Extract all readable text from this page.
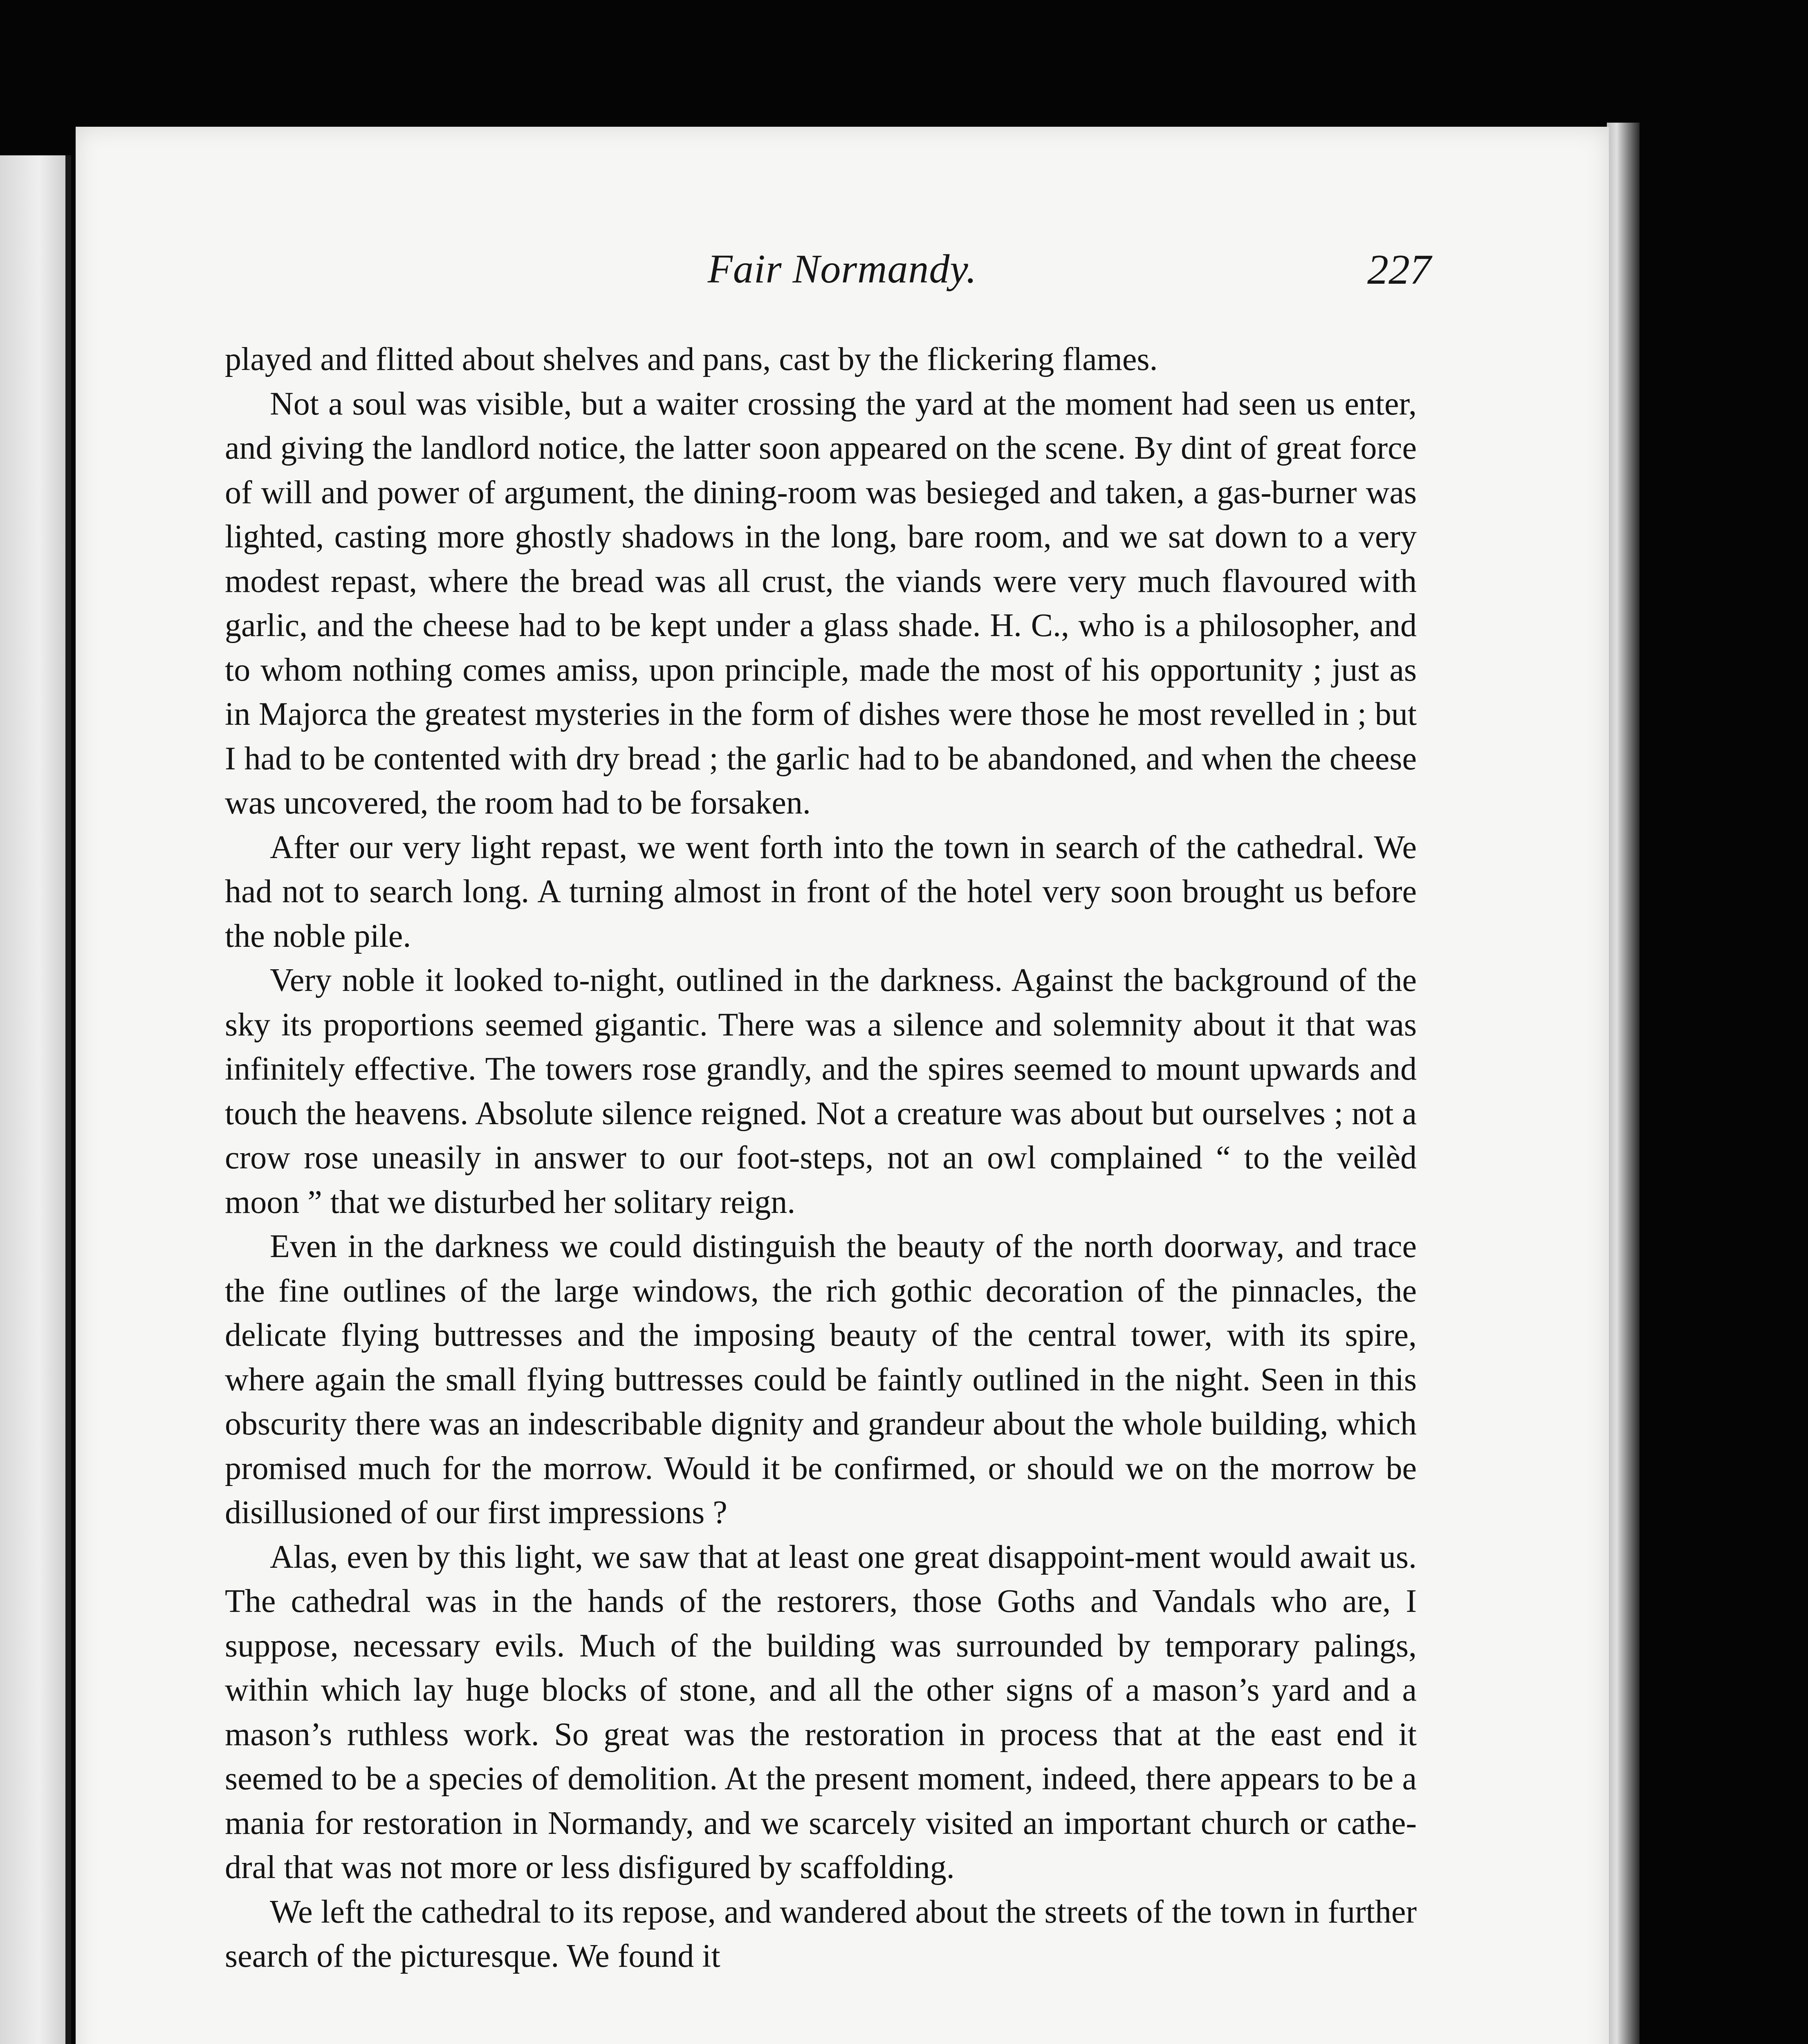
Fair Normandy.	227

played and flitted about shelves and pans, cast by the flickering flames.

Not a soul was visible, but a waiter crossing the yard at the moment had seen us enter, and giving the landlord notice, the latter soon appeared on the scene. By dint of great force of will and power of argument, the dining-room was besieged and taken, a gas-burner was lighted, casting more ghostly shadows in the long, bare room, and we sat down to a very modest repast, where the bread was all crust, the viands were very much flavoured with garlic, and the cheese had to be kept under a glass shade. H. C., who is a philosopher, and to whom nothing comes amiss, upon principle, made the most of his opportunity ; just as in Majorca the greatest mysteries in the form of dishes were those he most revelled in ; but I had to be contented with dry bread ; the garlic had to be abandoned, and when the cheese was uncovered, the room had to be forsaken.

After our very light repast, we went forth into the town in search of the cathedral. We had not to search long. A turning almost in front of the hotel very soon brought us before the noble pile.

Very noble it looked to-night, outlined in the darkness. Against the background of the sky its proportions seemed gigantic. There was a silence and solemnity about it that was infinitely effective. The towers rose grandly, and the spires seemed to mount upwards and touch the heavens. Absolute silence reigned. Not a creature was about but ourselves ; not a crow rose uneasily in answer to our foot-steps, not an owl complained “ to the veilèd moon ” that we disturbed her solitary reign.

Even in the darkness we could distinguish the beauty of the north doorway, and trace the fine outlines of the large windows, the rich gothic decoration of the pinnacles, the delicate flying buttresses and the imposing beauty of the central tower, with its spire, where again the small flying buttresses could be faintly outlined in the night. Seen in this obscurity there was an indescribable dignity and grandeur about the whole building, which promised much for the morrow. Would it be confirmed, or should we on the morrow be disillusioned of our first impressions ?

Alas, even by this light, we saw that at least one great disappoint-ment would await us. The cathedral was in the hands of the restorers, those Goths and Vandals who are, I suppose, necessary evils. Much of the building was surrounded by temporary palings, within which lay huge blocks of stone, and all the other signs of a mason’s yard and a mason’s ruthless work. So great was the restoration in process that at the east end it seemed to be a species of demolition. At the present moment, indeed, there appears to be a mania for restoration in Normandy, and we scarcely visited an important church or cathe-dral that was not more or less disfigured by scaffolding.

We left the cathedral to its repose, and wandered about the streets of the town in further search of the picturesque. We found it
